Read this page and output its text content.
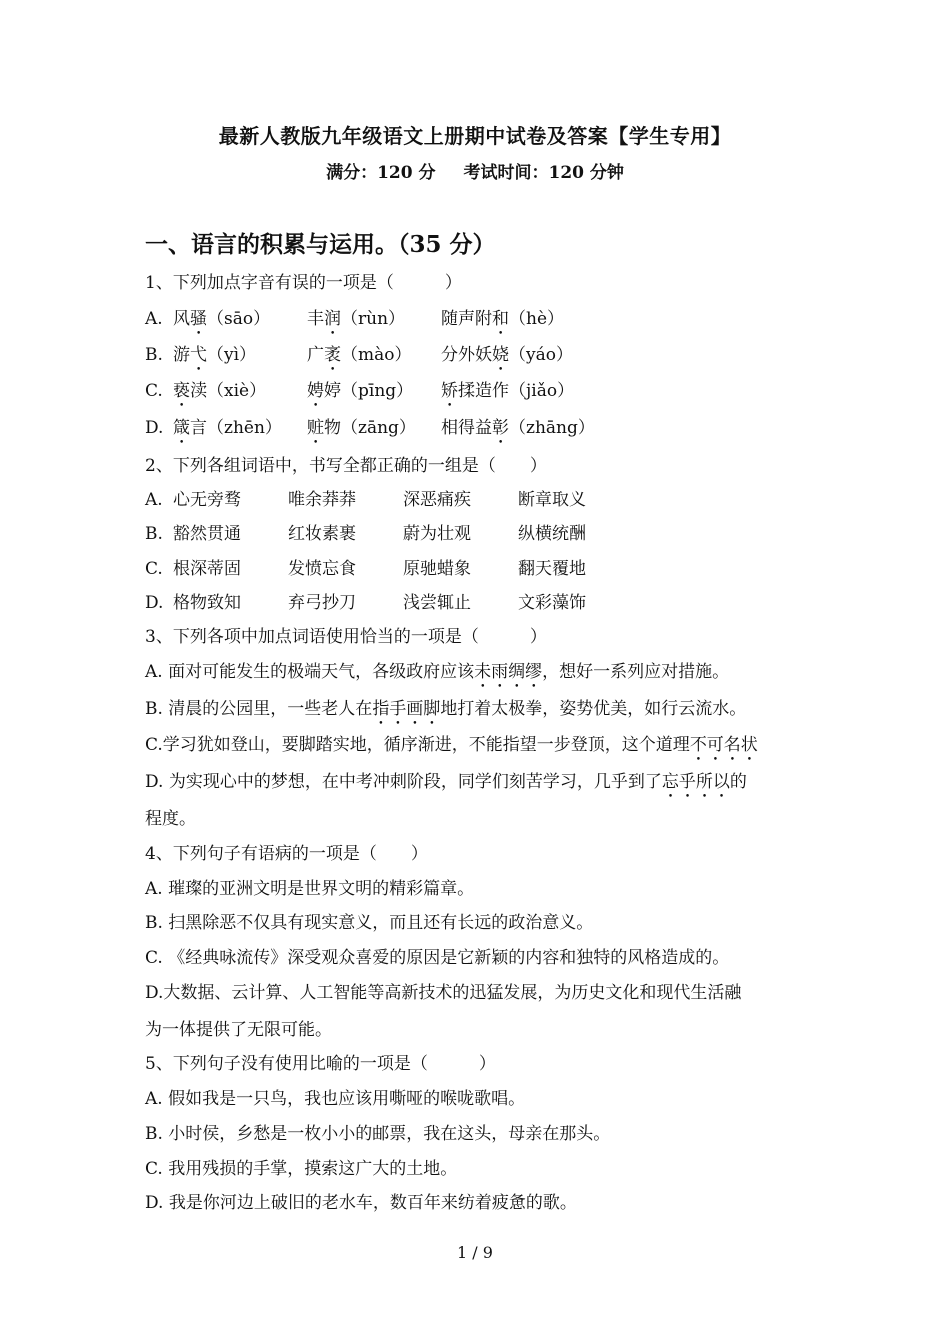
最新人教版九年级语文上册期中试卷及答案【学生专用】
满分：120 分 考试时间：120 分钟
一、语言的积累与运用。（35 分）
1、下列加点字音有误的一项是（　　　）
A. 风骚（sāo） 丰润（rùn） 随声附和（hè）
B. 游弋（yì）	广袤（mào） 分外妖娆（yáo）
C. 亵渎（xiè） 娉婷（pīng） 矫揉造作（jiǎo）
D. 箴言（zhēn） 赃物（zāng） 相得益彰（zhāng）
2、下列各组词语中，书写全都正确的一组是（　　）
A. 心无旁骛	唯余莽莽	深恶痛疾	断章取义
B. 豁然贯通	红妆素裹	蔚为壮观	纵横统酬
C. 根深蒂固	发愤忘食	原驰蜡象	翻天覆地
D. 格物致知	弃弓抄刀	浅尝辄止	文彩藻饰
3、下列各项中加点词语使用恰当的一项是（　　　）
A. 面对可能发生的极端天气，各级政府应该未雨绸缪，想好一系列应对措施。
B. 清晨的公园里，一些老人在指手画脚地打着太极拳，姿势优美，如行云流水。
C.学习犹如登山，要脚踏实地，循序渐进，不能指望一步登顶，这个道理不可名状
D. 为实现心中的梦想，在中考冲刺阶段，同学们刻苦学习，几乎到了忘乎所以的
程度。
4、下列句子有语病的一项是（　　）
A. 璀璨的亚洲文明是世界文明的精彩篇章。
B. 扫黑除恶不仅具有现实意义，而且还有长远的政治意义。
C. 《经典咏流传》深受观众喜爱的原因是它新颖的内容和独特的风格造成的。
D.大数据、云计算、人工智能等高新技术的迅猛发展，为历史文化和现代生活融
为一体提供了无限可能。
5、下列句子没有使用比喻的一项是（　　　）
A. 假如我是一只鸟，我也应该用嘶哑的喉咙歌唱。
B. 小时侯，乡愁是一枚小小的邮票，我在这头，母亲在那头。
C. 我用残损的手掌，摸索这广大的土地。
D. 我是你河边上破旧的老水车，数百年来纺着疲惫的歌。
1 / 9
